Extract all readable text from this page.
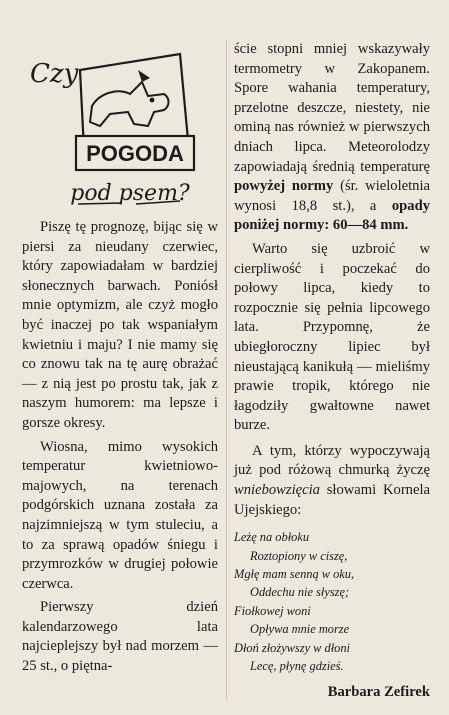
Czy
POGODA
pod psem?

Piszę tę prognozę, bijąc się w piersi za nieudany czerwiec, który zapowiadałam w bardziej słonecznych barwach. Poniósł mnie optymizm, ale czyż mogło być inaczej po tak wspaniałym kwietniu i maju? I nie mamy się co znowu tak na tę aurę obrażać — z nią jest po prostu tak, jak z naszym humorem: ma lepsze i gorsze okresy.

Wiosna, mimo wysokich temperatur kwietniowo-majowych, na terenach podgórskich uznana została za najzimniejszą w tym stuleciu, a to za sprawą opadów śniegu i przymrozków w drugiej połowie czerwca.

Pierwszy dzień kalendarzowego lata najcieplejszy był nad morzem — 25 st., o piętna-

ście stopni mniej wskazywały termometry w Zakopanem. Spore wahania temperatury, przelotne deszcze, niestety, nie ominą nas również w pierwszych dniach lipca. Meteorolodzy zapowiadają średnią temperaturę powyżej normy (śr. wieloletnia wynosi 18,8 st.), a opady poniżej normy: 60—84 mm.

Warto się uzbroić w cierpliwość i poczekać do połowy lipca, kiedy to rozpocznie się pełnia lipcowego lata. Przypomnę, że ubiegłoroczny lipiec był nieustającą kanikułą — mieliśmy prawie tropik, którego nie łagodziły gwałtowne nawet burze.

A tym, którzy wypoczywają już pod różową chmurką życzę wniebowzięcia słowami Kornela Ujejskiego:

Leżę na obłoku
Roztopiony w ciszę,
Mgłę mam senną w oku,
Oddechu nie słyszę;
Fiołkowej woni
Opływa mnie morze
Dłoń złożywszy w dłoni
Lecę, płynę gdzieś.
Barbara Zefirek
